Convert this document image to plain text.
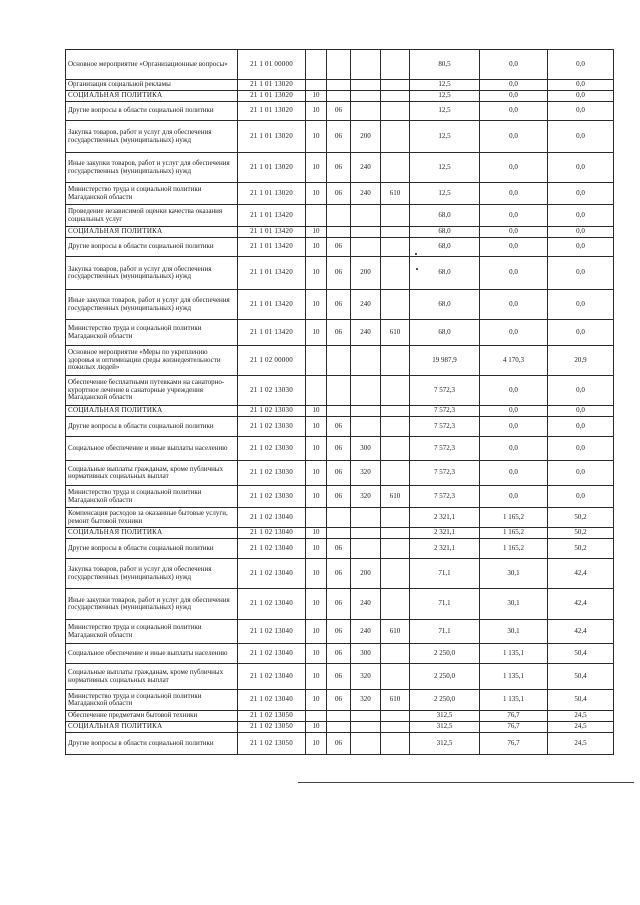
Основное мероприятие «Организационные вопросы»	21 1 01 00000					80,5	0,0	0,0
Организация социальной рекламы	21 1 01 13020					12,5	0,0	0,0
СОЦИАЛЬНАЯ ПОЛИТИКА	21 1 01 13020	10				12,5	0,0	0,0
Другие вопросы в области социальной политики	21 1 01 13020	10	06			12,5	0,0	0,0
Закупка товаров, работ и услуг для обеспечения государственных (муниципальных) нужд	21 1 01 13020	10	06	200		12,5	0,0	0,0
Иные закупки товаров, работ и услуг для обеспечения государственных (муниципальных) нужд	21 1 01 13020	10	06	240		12,5	0,0	0,0
Министерство труда и социальной политики Магаданской области	21 1 01 13020	10	06	240	610	12,5	0,0	0,0
Проведение независимой оценки качества оказания социальных услуг	21 1 01 13420					68,0	0,0	0,0
СОЦИАЛЬНАЯ ПОЛИТИКА	21 1 01 13420	10				68,0	0,0	0,0
Другие вопросы в области социальной политики	21 1 01 13420	10	06			68,0	0,0	0,0
Закупка товаров, работ и услуг для обеспечения государственных (муниципальных) нужд	21 1 01 13420	10	06	200		68,0	0,0	0,0
Иные закупки товаров, работ и услуг для обеспечения государственных (муниципальных) нужд	21 1 01 13420	10	06	240		68,0	0,0	0,0
Министерство труда и социальной политики Магаданской области	21 1 01 13420	10	06	240	610	68,0	0,0	0,0
Основное мероприятие «Меры по укреплению здоровья и оптимизации среды жизнедеятельности пожилых людей»	21 1 02 00000					19 987,9	4 170,3	20,9
Обеспечение бесплатными путевками на санаторно-курортное лечение в санаторные учреждения Магаданской области	21 1 02 13030					7 572,3	0,0	0,0
СОЦИАЛЬНАЯ ПОЛИТИКА	21 1 02 13030	10				7 572,3	0,0	0,0
Другие вопросы в области социальной политики	21 1 02 13030	10	06			7 572,3	0,0	0,0
Социальное обеспечение и иные выплаты населению	21 1 02 13030	10	06	300		7 572,3	0,0	0,0
Социальные выплаты гражданам, кроме публичных нормативных социальных выплат	21 1 02 13030	10	06	320		7 572,3	0,0	0,0
Министерство труда и социальной политики Магаданской области	21 1 02 13030	10	06	320	610	7 572,3	0,0	0,0
Компенсация расходов за оказанные бытовые услуги, ремонт бытовой техники	21 1 02 13040					2 321,1	1 165,2	50,2
СОЦИАЛЬНАЯ ПОЛИТИКА	21 1 02 13040	10				2 321,1	1 165,2	50,2
Другие вопросы в области социальной политики	21 1 02 13040	10	06			2 321,1	1 165,2	50,2
Закупка товаров, работ и услуг для обеспечения государственных (муниципальных) нужд	21 1 02 13040	10	06	200		71,1	30,1	42,4
Иные закупки товаров, работ и услуг для обеспечения государственных (муниципальных) нужд	21 1 02 13040	10	06	240		71,1	30,1	42,4
Министерство труда и социальной политики Магаданской области	21 1 02 13040	10	06	240	610	71,1	30,1	42,4
Социальное обеспечение и иные выплаты населению	21 1 02 13040	10	06	300		2 250,0	1 135,1	50,4
Социальные выплаты гражданам, кроме публичных нормативных социальных выплат	21 1 02 13040	10	06	320		2 250,0	1 135,1	50,4
Министерство труда и социальной политики Магаданской области	21 1 02 13040	10	06	320	610	2 250,0	1 135,1	50,4
Обеспечение предметами бытовой техники	21 1 02 13050					312,5	76,7	24,5
СОЦИАЛЬНАЯ ПОЛИТИКА	21 1 02 13050	10				312,5	76,7	24,5
Другие вопросы в области социальной политики	21 1 02 13050	10	06			312,5	76,7	24,5
